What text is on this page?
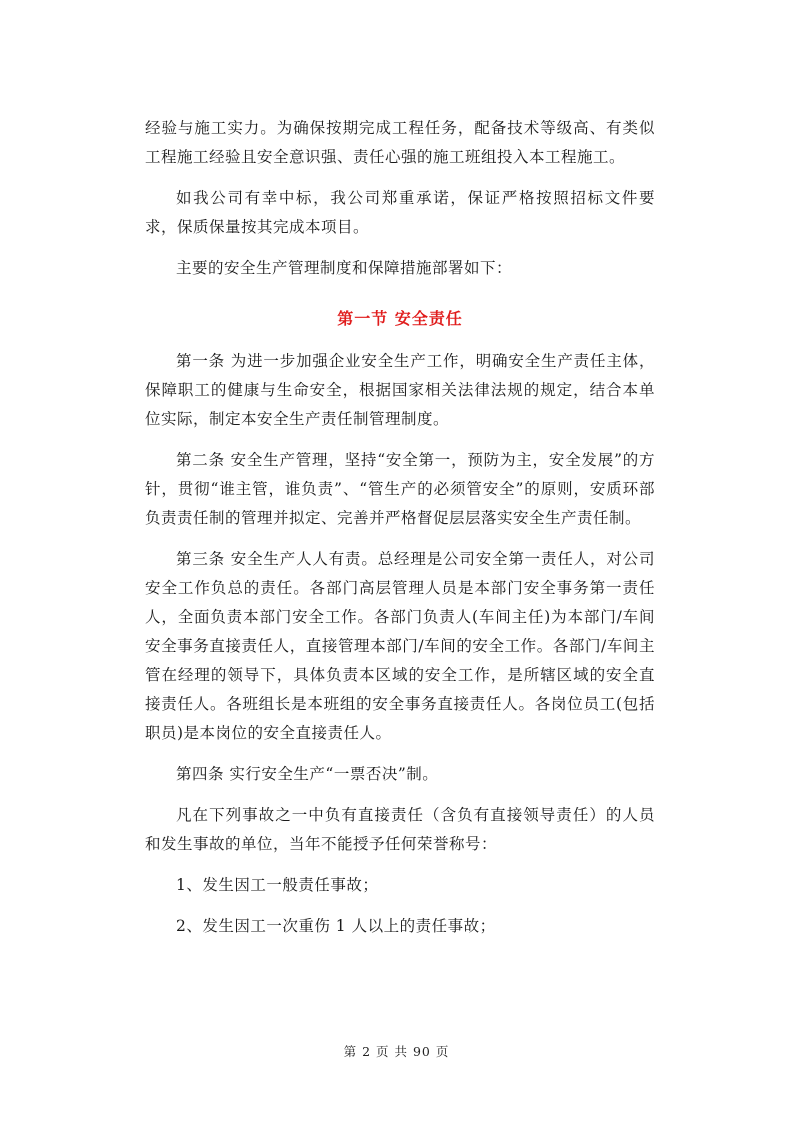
经验与施工实力。为确保按期完成工程任务，配备技术等级高、有类似工程施工经验且安全意识强、责任心强的施工班组投入本工程施工。

如我公司有幸中标，我公司郑重承诺，保证严格按照招标文件要求，保质保量按其完成本项目。

主要的安全生产管理制度和保障措施部署如下：

第一节 安全责任

第一条 为进一步加强企业安全生产工作，明确安全生产责任主体，保障职工的健康与生命安全，根据国家相关法律法规的规定，结合本单位实际，制定本安全生产责任制管理制度。

第二条 安全生产管理，坚持“安全第一，预防为主，安全发展”的方针，贯彻“谁主管，谁负责”、“管生产的必须管安全”的原则，安质环部负责责任制的管理并拟定、完善并严格督促层层落实安全生产责任制。

第三条 安全生产人人有责。总经理是公司安全第一责任人，对公司安全工作负总的责任。各部门高层管理人员是本部门安全事务第一责任人，全面负责本部门安全工作。各部门负责人(车间主任)为本部门/车间安全事务直接责任人，直接管理本部门/车间的安全工作。各部门/车间主管在经理的领导下，具体负责本区域的安全工作，是所辖区域的安全直接责任人。各班组长是本班组的安全事务直接责任人。各岗位员工(包括职员)是本岗位的安全直接责任人。

第四条 实行安全生产“一票否决”制。

凡在下列事故之一中负有直接责任（含负有直接领导责任）的人员和发生事故的单位，当年不能授予任何荣誉称号：

1、发生因工一般责任事故；

2、发生因工一次重伤 1 人以上的责任事故；

第 2 页 共 90 页
